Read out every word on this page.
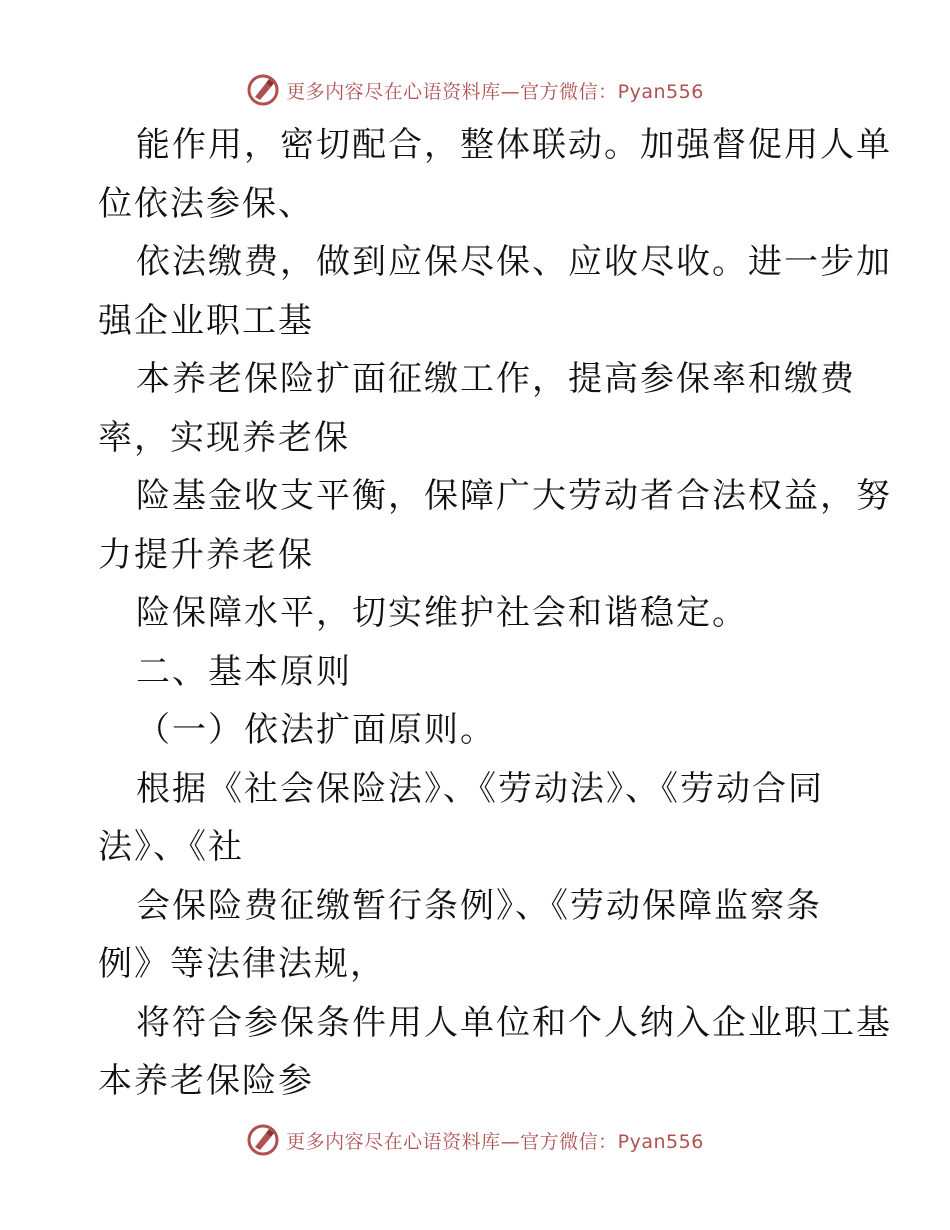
更多内容尽在心语资料库—官方微信：Pyan556
能作用，密切配合，整体联动。加强督促用人单
位依法参保、
依法缴费，做到应保尽保、应收尽收。进一步加
强企业职工基
本养老保险扩面征缴工作，提高参保率和缴费
率，实现养老保
险基金收支平衡，保障广大劳动者合法权益，努
力提升养老保
险保障水平，切实维护社会和谐稳定。
二、基本原则
（一）依法扩面原则。
根据《社会保险法》、《劳动法》、《劳动合同
法》、《社
会保险费征缴暂行条例》、《劳动保障监察条
例》等法律法规，
将符合参保条件用人单位和个人纳入企业职工基
本养老保险参
更多内容尽在心语资料库—官方微信：Pyan556
